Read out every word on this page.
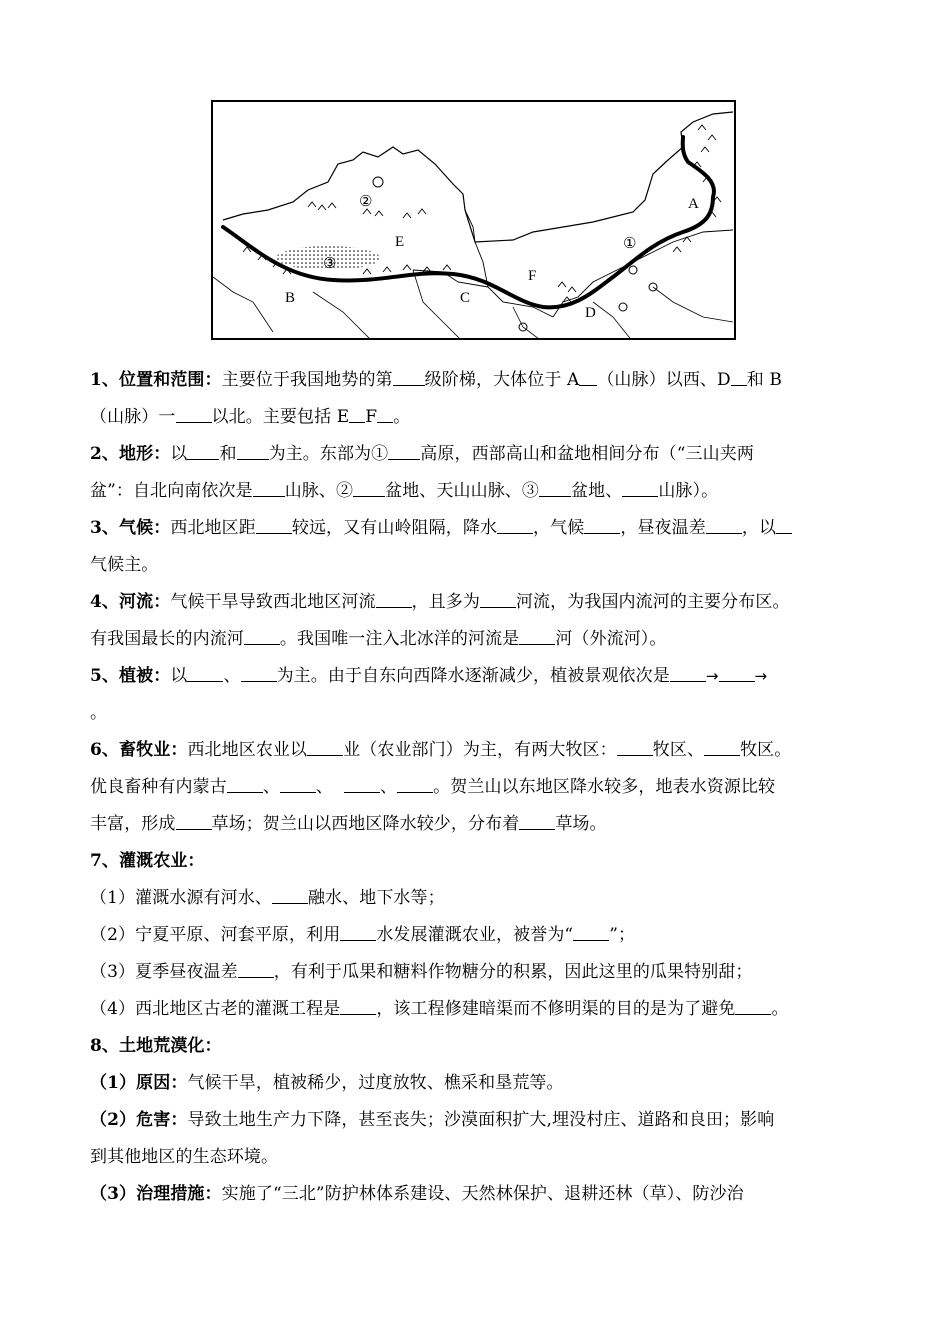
②
③
①
E
F
C
B
D
A
1、位置和范围：主要位于我国地势的第 级阶梯，大体位于 A （山脉）以西、D 和 B
（山脉）一 以北。主要包括 E F 。
2、地形：以 和 为主。东部为① 高原，西部高山和盆地相间分布（“三山夹两
盆”：自北向南依次是 山脉、② 盆地、天山山脉、③ 盆地、 山脉）。
3、气候：西北地区距 较远，又有山岭阻隔，降水 ，气候 ，昼夜温差 ，以
气候主。
4、河流：气候干旱导致西北地区河流 ，且多为 河流，为我国内流河的主要分布区。
有我国最长的内流河 。我国唯一注入北冰洋的河流是 河（外流河）。
5、植被：以 、 为主。由于自东向西降水逐渐减少，植被景观依次是 → →
。
6、畜牧业：西北地区农业以 业（农业部门）为主，有两大牧区： 牧区、 牧区。
优良畜种有内蒙古 、 、	、 。贺兰山以东地区降水较多，地表水资源比较
丰富，形成 草场；贺兰山以西地区降水较少，分布着 草场。
7、灌溉农业：
（1）灌溉水源有河水、 融水、地下水等；
（2）宁夏平原、河套平原，利用 水发展灌溉农业，被誉为“ ”；
（3）夏季昼夜温差 ，有利于瓜果和糖料作物糖分的积累，因此这里的瓜果特别甜；
（4）西北地区古老的灌溉工程是 ，该工程修建暗渠而不修明渠的目的是为了避免 。
8、土地荒漠化：
（1）原因：气候干旱，植被稀少，过度放牧、樵采和垦荒等。
（2）危害：导致土地生产力下降，甚至丧失；沙漠面积扩大,埋没村庄、道路和良田；影响
到其他地区的生态环境。
（3）治理措施：实施了“三北”防护林体系建设、天然林保护、退耕还林（草）、防沙治
